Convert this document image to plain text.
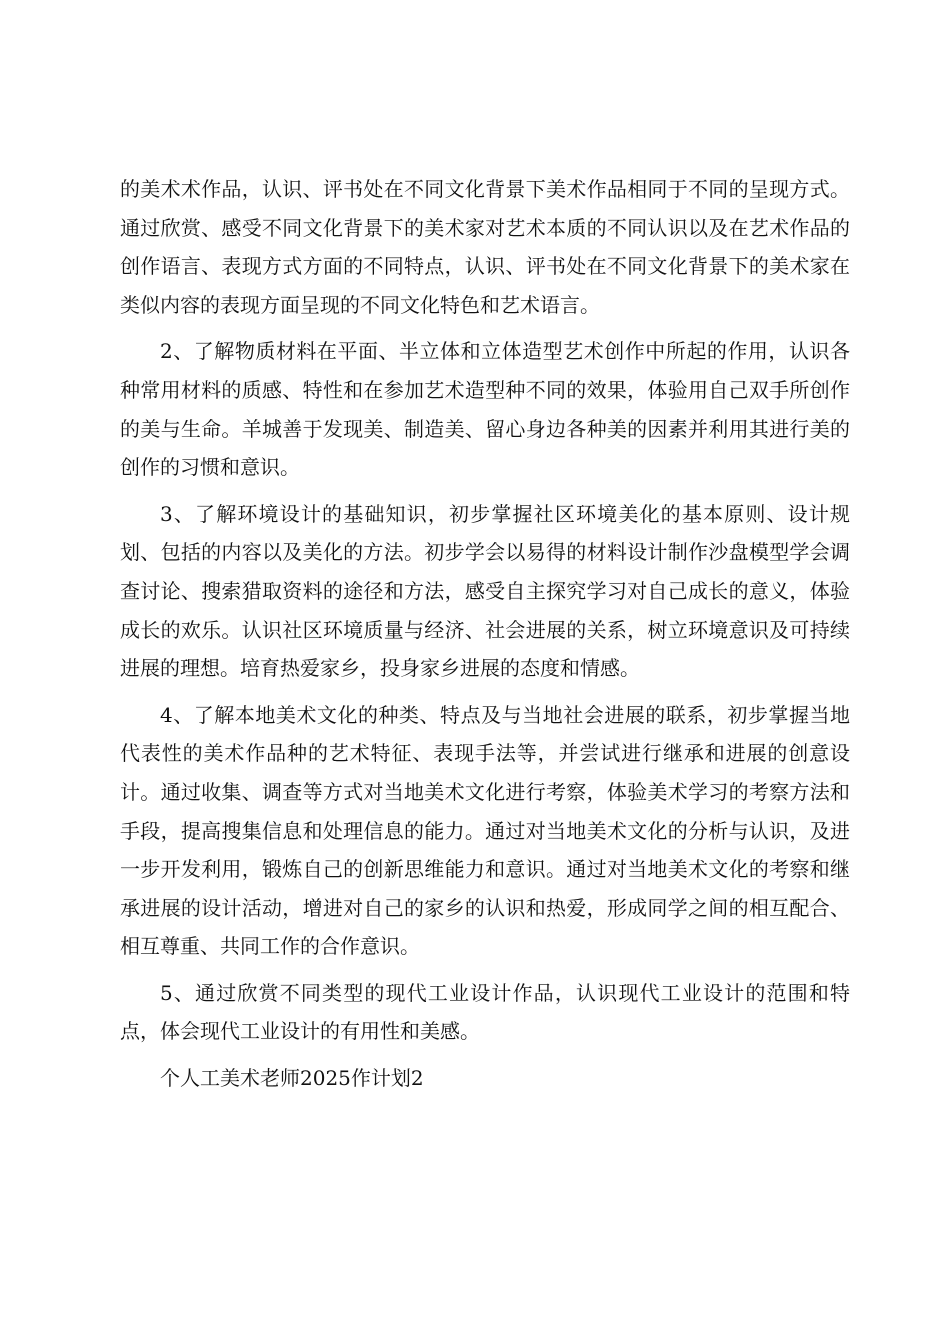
的美术术作品，认识、评书处在不同文化背景下美术作品相同于不同的呈现方式。通过欣赏、感受不同文化背景下的美术家对艺术本质的不同认识以及在艺术作品的创作语言、表现方式方面的不同特点，认识、评书处在不同文化背景下的美术家在类似内容的表现方面呈现的不同文化特色和艺术语言。

2、了解物质材料在平面、半立体和立体造型艺术创作中所起的作用，认识各种常用材料的质感、特性和在参加艺术造型种不同的效果，体验用自己双手所创作的美与生命。羊城善于发现美、制造美、留心身边各种美的因素并利用其进行美的创作的习惯和意识。

3、了解环境设计的基础知识，初步掌握社区环境美化的基本原则、设计规划、包括的内容以及美化的方法。初步学会以易得的材料设计制作沙盘模型学会调查讨论、搜索猎取资料的途径和方法，感受自主探究学习对自己成长的意义，体验成长的欢乐。认识社区环境质量与经济、社会进展的关系，树立环境意识及可持续进展的理想。培育热爱家乡，投身家乡进展的态度和情感。

4、了解本地美术文化的种类、特点及与当地社会进展的联系，初步掌握当地代表性的美术作品种的艺术特征、表现手法等，并尝试进行继承和进展的创意设计。通过收集、调查等方式对当地美术文化进行考察，体验美术学习的考察方法和手段，提高搜集信息和处理信息的能力。通过对当地美术文化的分析与认识，及进一步开发利用，锻炼自己的创新思维能力和意识。通过对当地美术文化的考察和继承进展的设计活动，增进对自己的家乡的认识和热爱，形成同学之间的相互配合、相互尊重、共同工作的合作意识。

5、通过欣赏不同类型的现代工业设计作品，认识现代工业设计的范围和特点，体会现代工业设计的有用性和美感。

个人工美术老师2025作计划2
